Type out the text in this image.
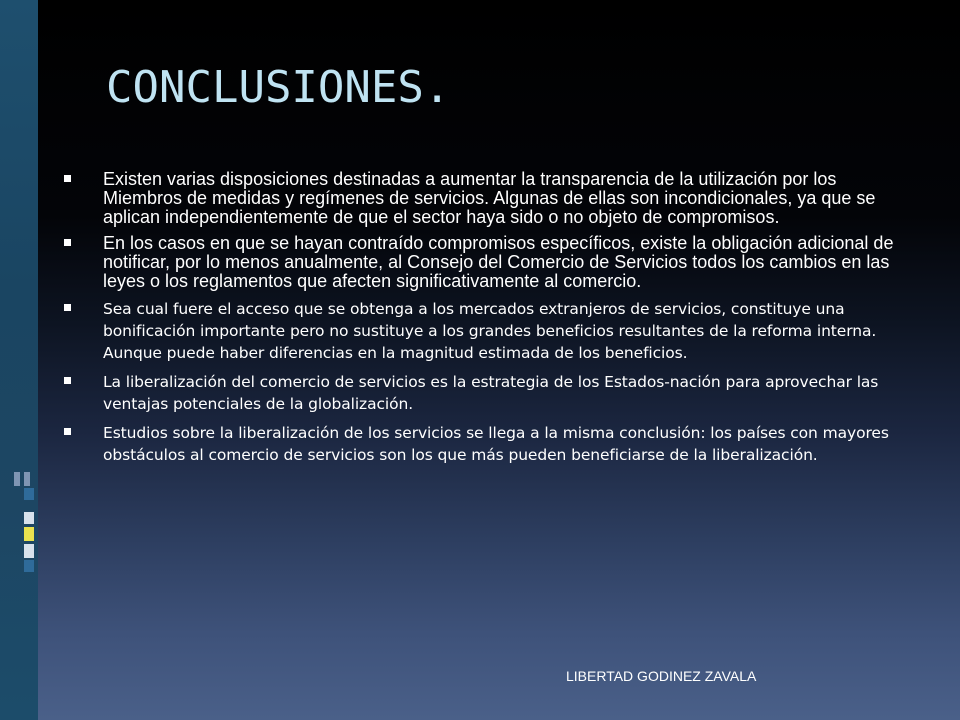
CONCLUSIONES.
Existen varias disposiciones destinadas a aumentar la transparencia de la utilización por los Miembros de medidas y regímenes de servicios. Algunas de ellas son incondicionales, ya que se aplican independientemente de que el sector haya sido o no objeto de compromisos.
En los casos en que se hayan contraído compromisos específicos, existe la obligación adicional de notificar, por lo menos anualmente, al Consejo del Comercio de Servicios todos los cambios en las leyes o los reglamentos que afecten significativamente al comercio.
Sea cual fuere el acceso que se obtenga a los mercados extranjeros de servicios, constituye una bonificación importante pero no sustituye a los grandes beneficios resultantes de la reforma interna. Aunque puede haber diferencias en la magnitud estimada de los beneficios.
La liberalización del comercio de servicios es la estrategia de los Estados-nación para aprovechar las ventajas potenciales de la globalización.
Estudios sobre la liberalización de los servicios se llega a la misma conclusión: los países con mayores obstáculos al comercio de servicios son los que más pueden beneficiarse de la liberalización.
LIBERTAD GODINEZ ZAVALA
